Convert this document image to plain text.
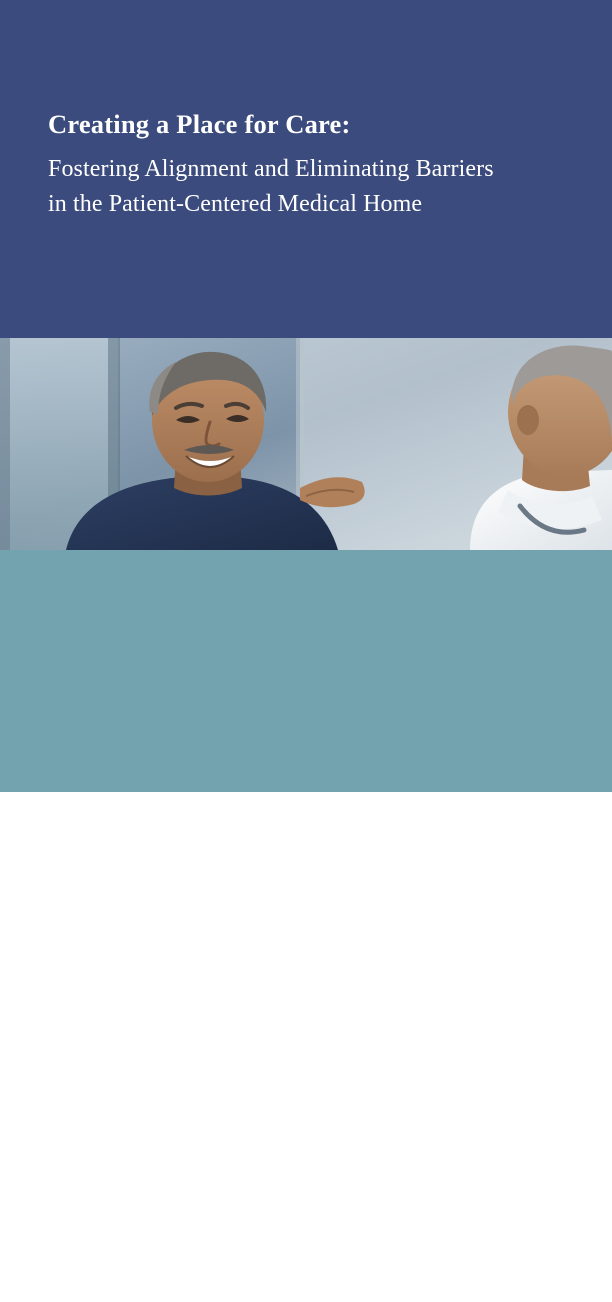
Creating a Place for Care:
Fostering Alignment and Eliminating Barriers
in the Patient-Centered Medical Home
Prepared by Capital Link | 2016
CAPITAL LINK
